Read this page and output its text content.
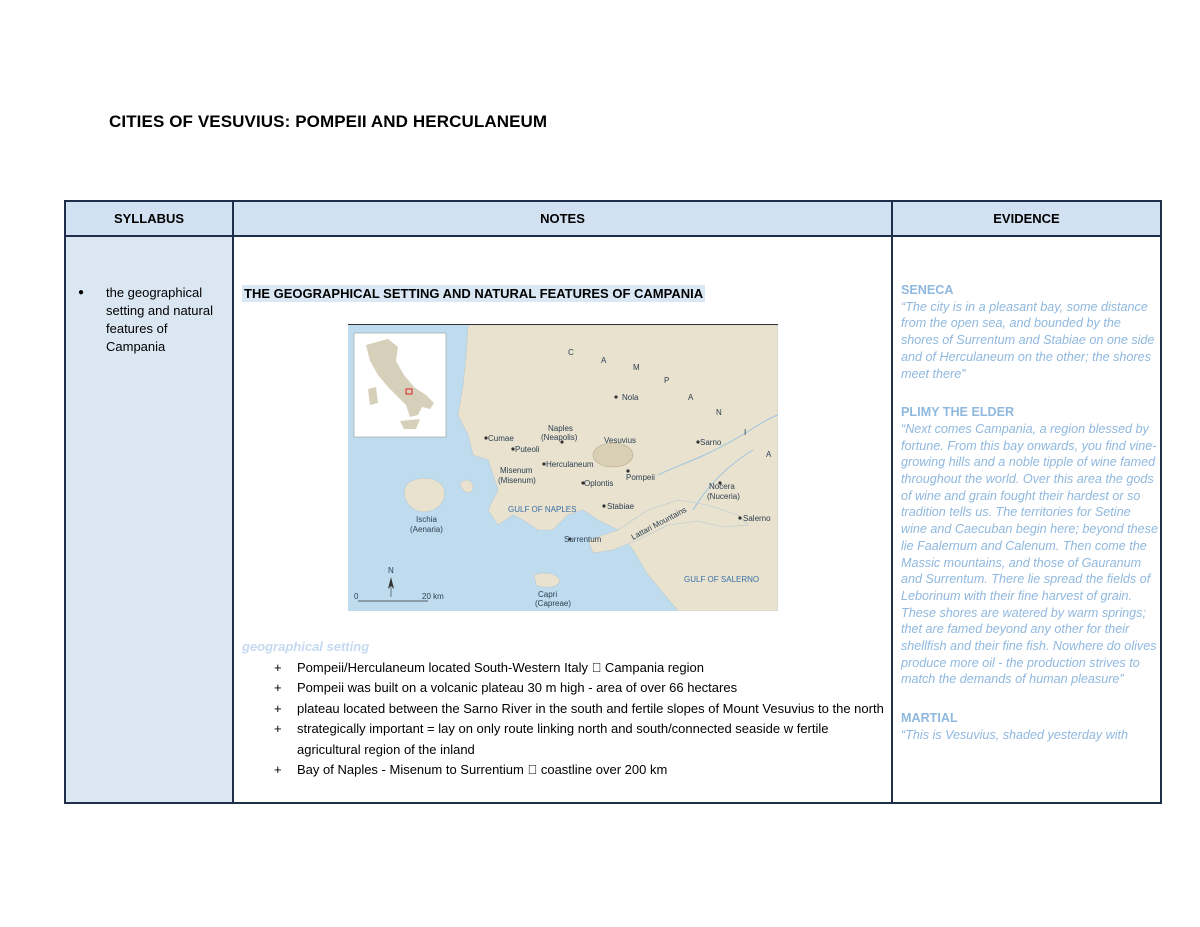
CITIES OF VESUVIUS: POMPEII AND HERCULANEUM
SYLLABUS
●	the geographical setting and natural features of Campania
NOTES
THE GEOGRAPHICAL SETTING AND NATURAL FEATURES OF CAMPANIA
Cumae
Puteoli
Naples
(Neapolis)	Vesuvius
Herculaneum
Misenum
(Misenum)	Oplontis
Pompeii
Stabiae
Nola
Sarno
Nocera
(Nuceria)
Salerno
Surrentum
Ischia
(Aenaria)
Capri
(Capreae)
GULF OF NAPLES
GULF OF SALERNO
Lattari Mountains
C
A
M
P
A
N
I
A
N
0	20 km
geographical setting
+ Pompeii/Herculaneum located South-Western Italy Campania region
+ Pompeii was built on a volcanic plateau 30 m high - area of over 66 hectares
+ plateau located between the Sarno River in the south and fertile slopes of Mount Vesuvius to the north
+ strategically important = lay on only route linking north and south/connected seaside w fertile agricultural region of the inland
+ Bay of Naples - Misenum to Surrentium coastline over 200 km
EVIDENCE
SENECA
“The city is in a pleasant bay, some distance from the open sea, and bounded by the shores of Surrentum and Stabiae on one side and of Herculaneum on the other; the shores meet there”
PLIMY THE ELDER
“Next comes Campania, a region blessed by fortune. From this bay onwards, you find vine-growing hills and a noble tipple of wine famed throughout the world. Over this area the gods of wine and grain fought their hardest or so tradition tells us. The territories for Setine wine and Caecuban begin here; beyond these lie Faalernum and Calenum. Then come the Massic mountains, and those of Gauranum and Surrentum. There lie spread the fields of Leborinum with their fine harvest of grain. These shores are watered by warm springs; thet are famed beyond any other for their shellfish and their fine fish. Nowhere do olives produce more oil - the production strives to match the demands of human pleasure”
MARTIAL
“This is Vesuvius, shaded yesterday with
